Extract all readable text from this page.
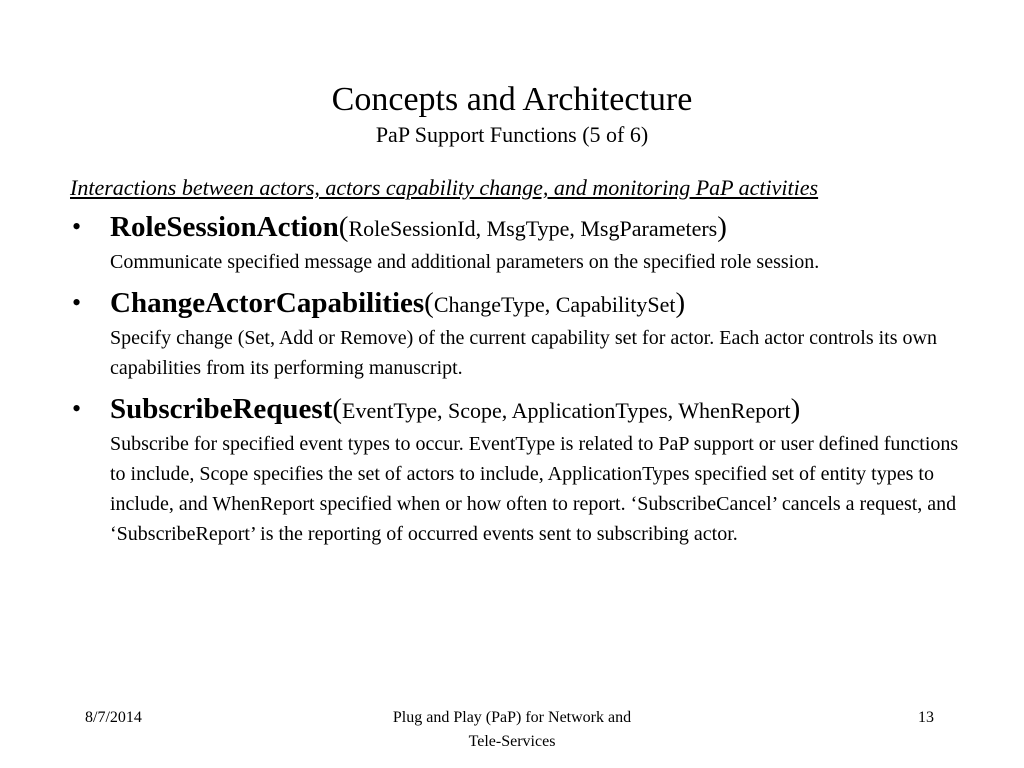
Concepts and Architecture
PaP Support Functions (5 of 6)
Interactions between actors, actors capability change, and monitoring PaP activities
• RoleSessionAction(RoleSessionId, MsgType, MsgParameters)
Communicate specified message and additional parameters on the specified role session.
• ChangeActorCapabilities(ChangeType, CapabilitySet)
Specify change (Set, Add or Remove) of the current capability set for actor. Each actor controls its own capabilities from its performing manuscript.
• SubscribeRequest(EventType, Scope, ApplicationTypes, WhenReport)
Subscribe for specified event types to occur. EventType is related to PaP support or user defined functions to include, Scope specifies the set of actors to include, ApplicationTypes specified set of entity types to include, and WhenReport specified when or how often to report. ‘SubscribeCancel’ cancels a request, and ‘SubscribeReport’ is the reporting of occurred events sent to subscribing actor.
8/7/2014	Plug and Play (PaP) for Network and
Tele-Services
13
